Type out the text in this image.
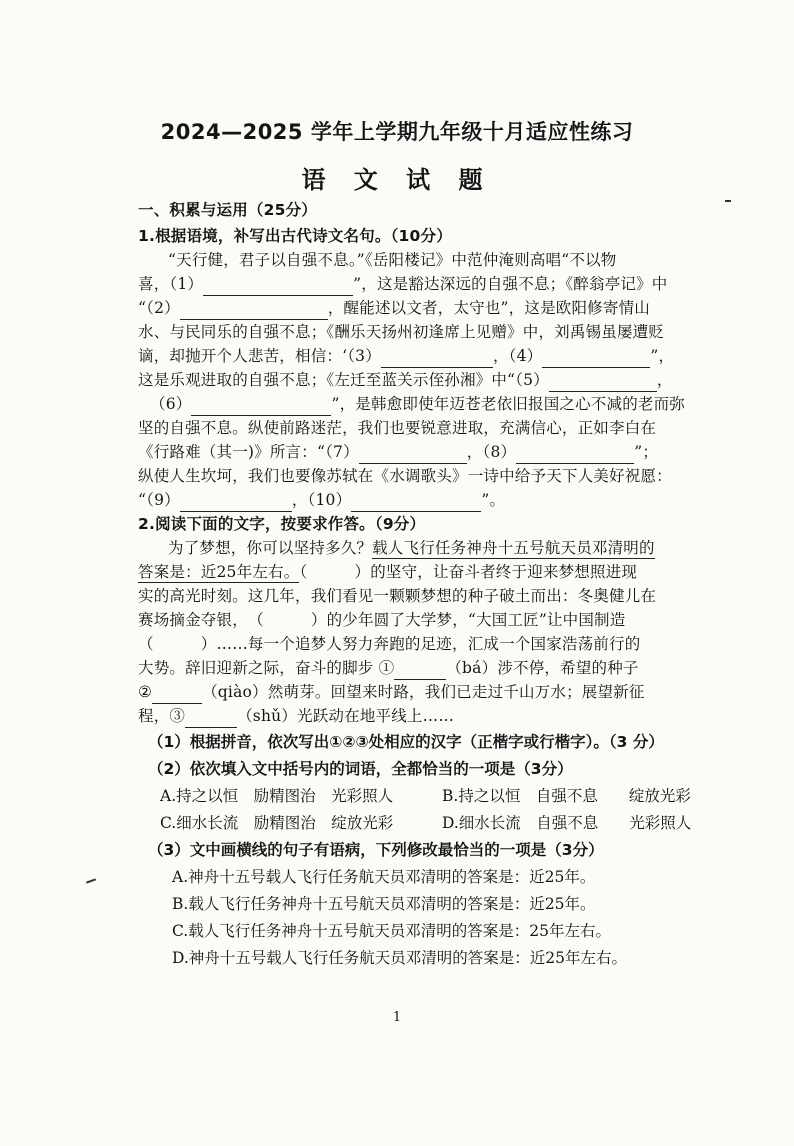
2024—2025 学年上学期九年级十月适应性练习
语 文 试 题
一、积累与运用（25分）
1.根据语境，补写出古代诗文名句。（10分）
“天行健，君子以自强不息。”《岳阳楼记》中范仲淹则高唱“不以物
喜，（1）	”，这是豁达深远的自强不息；《醉翁亭记》中
“（2）	，醒能述以文者，太守也”，这是欧阳修寄情山
水、与民同乐的自强不息；《酬乐天扬州初逢席上见赠》中，刘禹锡虽屡遭贬
谪，却抛开个人悲苦，相信：‘（3）	，（4）	”，
这是乐观进取的自强不息；《左迁至蓝关示侄孙湘》中“（5）	，
（6）	”，是韩愈即使年迈苍老依旧报国之心不减的老而弥
坚的自强不息。纵使前路迷茫，我们也要锐意进取，充满信心，正如李白在
《行路难（其一)》所言：“（7）	，（8）	”；
纵使人生坎坷，我们也要像苏轼在《水调歌头》一诗中给予天下人美好祝愿：
“（9）	，（10）	”。
2.阅读下面的文字，按要求作答。（9分）
为了梦想，你可以坚持多久？载人飞行任务神舟十五号航天员邓清明的
答案是：近25年左右。（　　　）的坚守，让奋斗者终于迎来梦想照进现
实的高光时刻。这几年，我们看见一颗颗梦想的种子破土而出：冬奥健儿在
赛场摘金夺银，　（　　　）的少年圆了大学梦，“大国工匠”让中国制造
（　　　）……每一个追梦人努力奔跑的足迹，汇成一个国家浩荡前行的
大势。辞旧迎新之际，奋斗的脚步 ①	（bá）涉不停，希望的种子
②	（qiào）然萌芽。回望来时路，我们已走过千山万水；展望新征
程，③	（shǔ）光跃动在地平线上……
（1）根据拼音，依次写出①②③处相应的汉字（正楷字或行楷字）。（3 分）
（2）依次填入文中括号内的词语，全都恰当的一项是（3分）
A.持之以恒　励精图治　光彩照人	B.持之以恒　自强不息　　绽放光彩
C.细水长流　励精图治　绽放光彩	D.细水长流　自强不息　　光彩照人
（3）文中画横线的句子有语病，下列修改最恰当的一项是（3分）
A.神舟十五号载人飞行任务航天员邓清明的答案是：近25年。
B.载人飞行任务神舟十五号航天员邓清明的答案是：近25年。
C.载人飞行任务神舟十五号航天员邓清明的答案是：25年左右。
D.神舟十五号载人飞行任务航天员邓清明的答案是：近25年左右。
1
